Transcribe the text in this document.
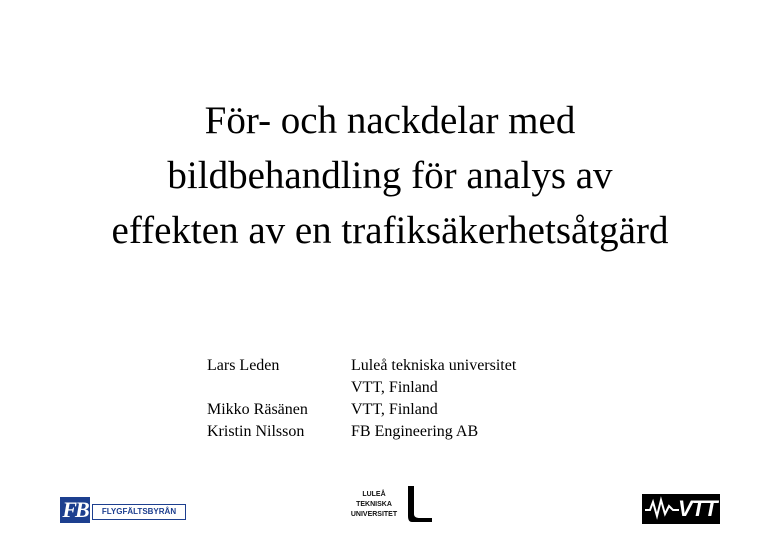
För- och nackdelar med
bildbehandling för analys av
effekten av en trafiksäkerhetsåtgärd
Lars Leden	Luleå tekniska universitet
VTT, Finland
Mikko Räsänen	VTT, Finland
Kristin Nilsson	FB Engineering AB
FB	FLYGFÄLTSBYRÅN
LULEÅ
TEKNISKA
UNIVERSITET	VTT
